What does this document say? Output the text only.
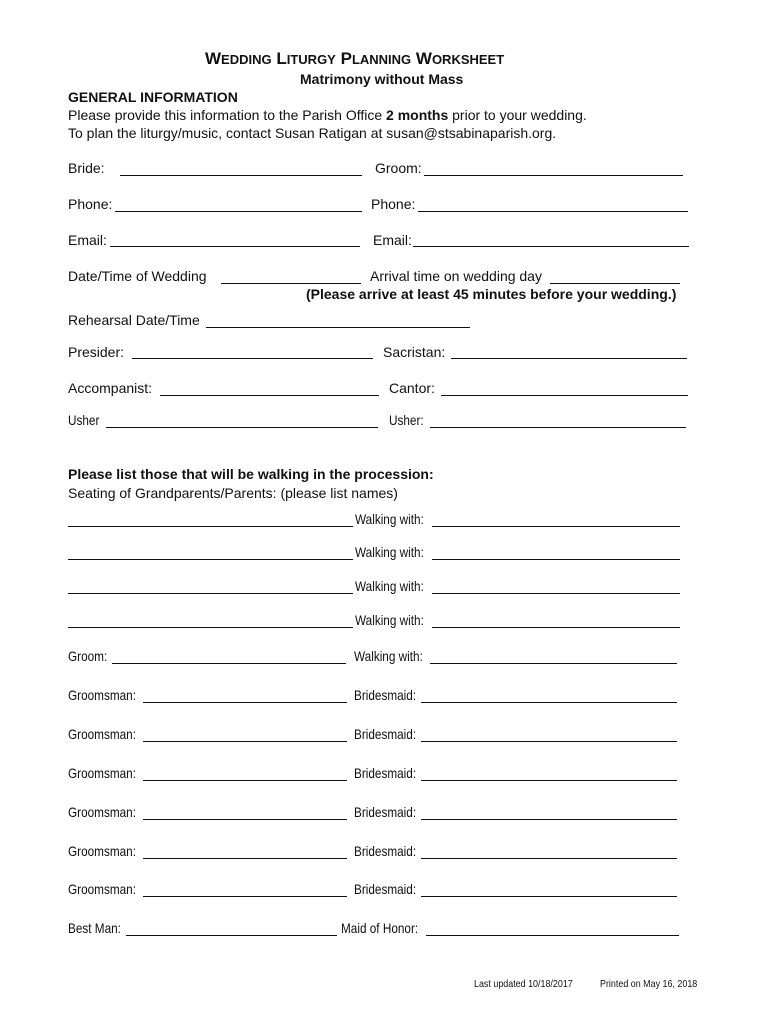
WEDDING LITURGY PLANNING WORKSHEET
Matrimony without Mass
GENERAL INFORMATION
Please provide this information to the Parish Office 2 months prior to your wedding.
To plan the liturgy/music, contact Susan Ratigan at susan@stsabinaparish.org.
Bride:	Groom:
Phone:	Phone:
Email:	Email:
Date/Time of Wedding	Arrival time on wedding day
(Please arrive at least 45 minutes before your wedding.)
Rehearsal Date/Time
Presider:	Sacristan:
Accompanist:	Cantor:
Usher	Usher:
Please list those that will be walking in the procession:
Seating of Grandparents/Parents: (please list names)
Walking with:
Walking with:
Walking with:
Walking with:
Groom:	Walking with:
Groomsman:	Bridesmaid:
Groomsman:	Bridesmaid:
Groomsman:	Bridesmaid:
Groomsman:	Bridesmaid:
Groomsman:	Bridesmaid:
Groomsman:	Bridesmaid:
Best Man:	Maid of Honor:
Last updated 10/18/2017	Printed on May 16, 2018
